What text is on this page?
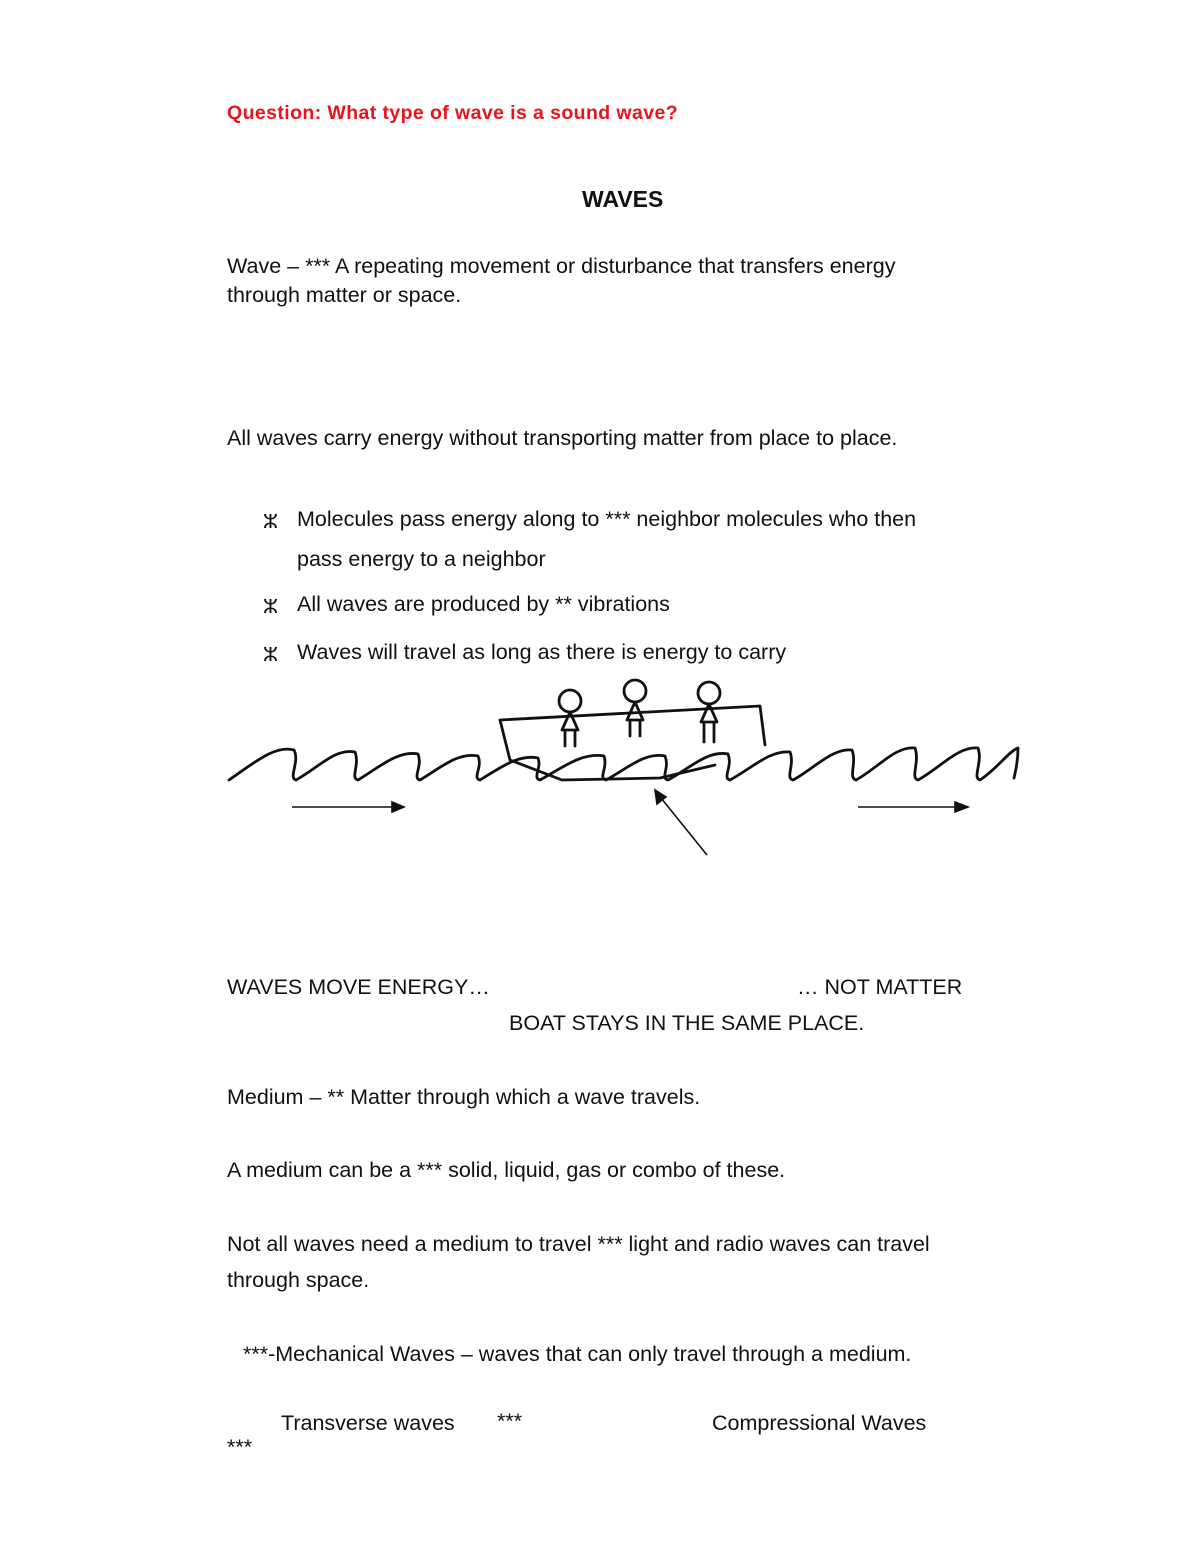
Question: What type of wave is a sound wave?
WAVES
Wave – *** A repeating movement or disturbance that transfers energy
through matter or space.
All waves carry energy without transporting matter from place to place.
ⵣ Molecules pass energy along to *** neighbor molecules who then
pass energy to a neighbor
ⵣ All waves are produced by ** vibrations
ⵣ Waves will travel as long as there is energy to carry
WAVES MOVE ENERGY…	… NOT MATTER
BOAT STAYS IN THE SAME PLACE.
Medium – ** Matter through which a wave travels.
A medium can be a *** solid, liquid, gas or combo of these.
Not all waves need a medium to travel *** light and radio waves can travel
through space.
***-Mechanical Waves – waves that can only travel through a medium.
Transverse waves ***	Compressional Waves
***
